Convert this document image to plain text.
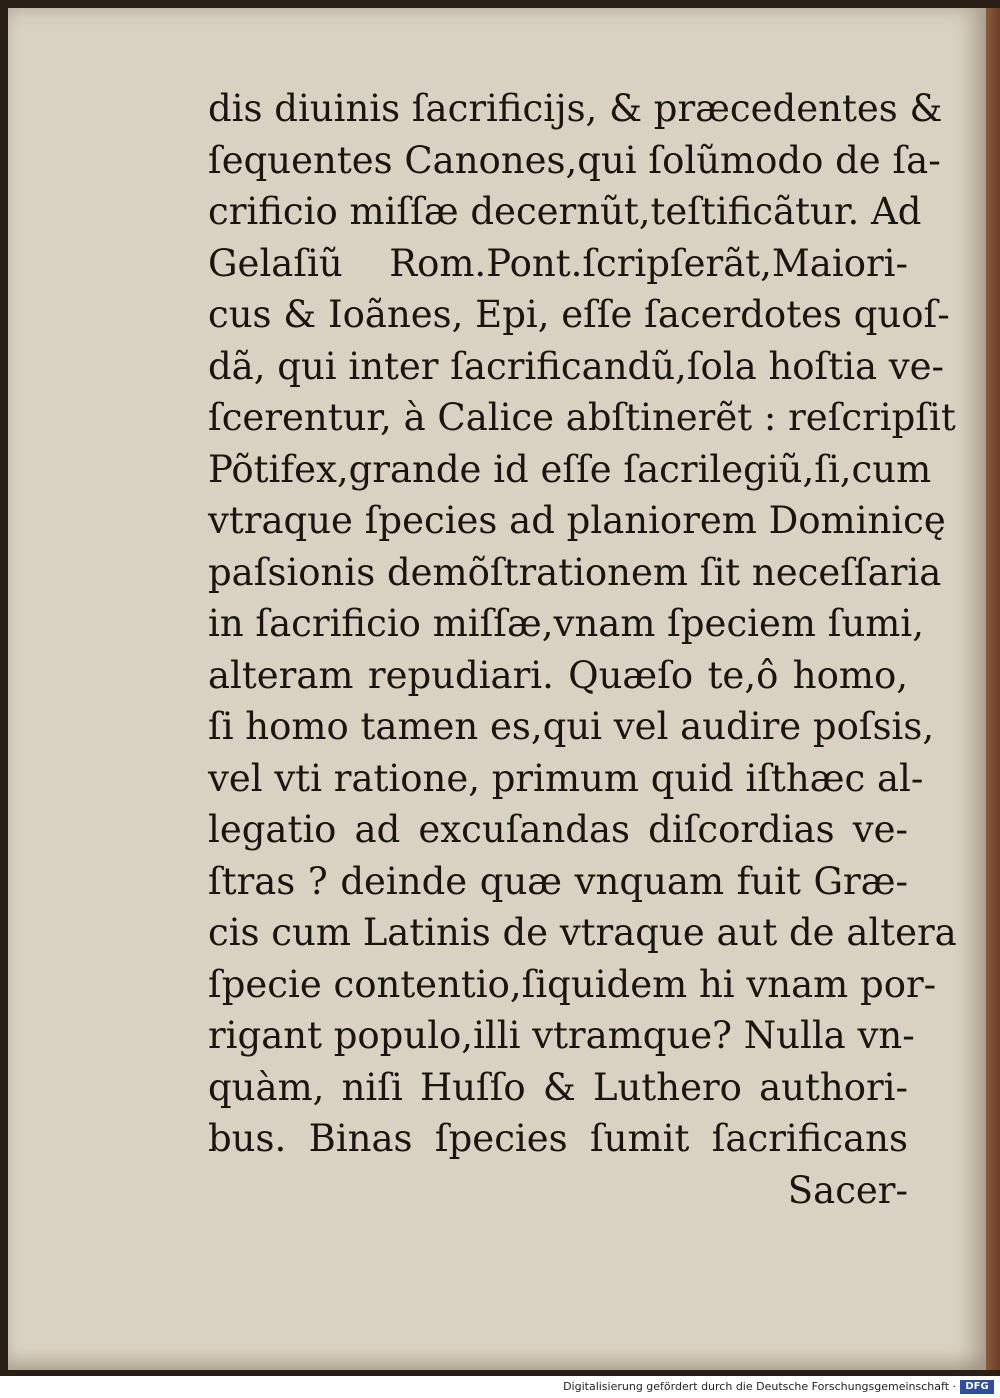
dis diuinis ſacrificijs, & præcedentes &
ſequentes Canones,qui ſolũmodo de ſa-
crificio miſſæ decernũt,teſtificãtur. Ad
Gelaſiũ Rom.Pont.ſcripſerãt,Maiori-
cus & Ioãnes, Epi, eſſe ſacerdotes quoſ-
dã, qui inter ſacrificandũ,ſola hoſtia ve-
ſcerentur, à Calice abſtinerẽt : reſcripſit
Põtifex,grande id eſſe ſacrilegiũ,ſi,cum
vtraque ſpecies ad planiorem Dominicę
paſsionis demõſtrationem ſit neceſſaria
in ſacrificio miſſæ,vnam ſpeciem ſumi,
alteram repudiari. Quæſo te,ô homo,
ſi homo tamen es,qui vel audire poſsis,
vel vti ratione, primum quid iſthæc al-
legatio ad excuſandas diſcordias ve-
ſtras ? deinde quæ vnquam fuit Græ-
cis cum Latinis de vtraque aut de altera
ſpecie contentio,ſiquidem hi vnam por-
rigant populo,illi vtramque? Nulla vn-
quàm, niſi Huſſo & Luthero authori-
bus. Binas ſpecies ſumit ſacrificans
Sacer-
Digitalisierung gefördert durch die Deutsche Forschungsgemeinschaft · DFG
